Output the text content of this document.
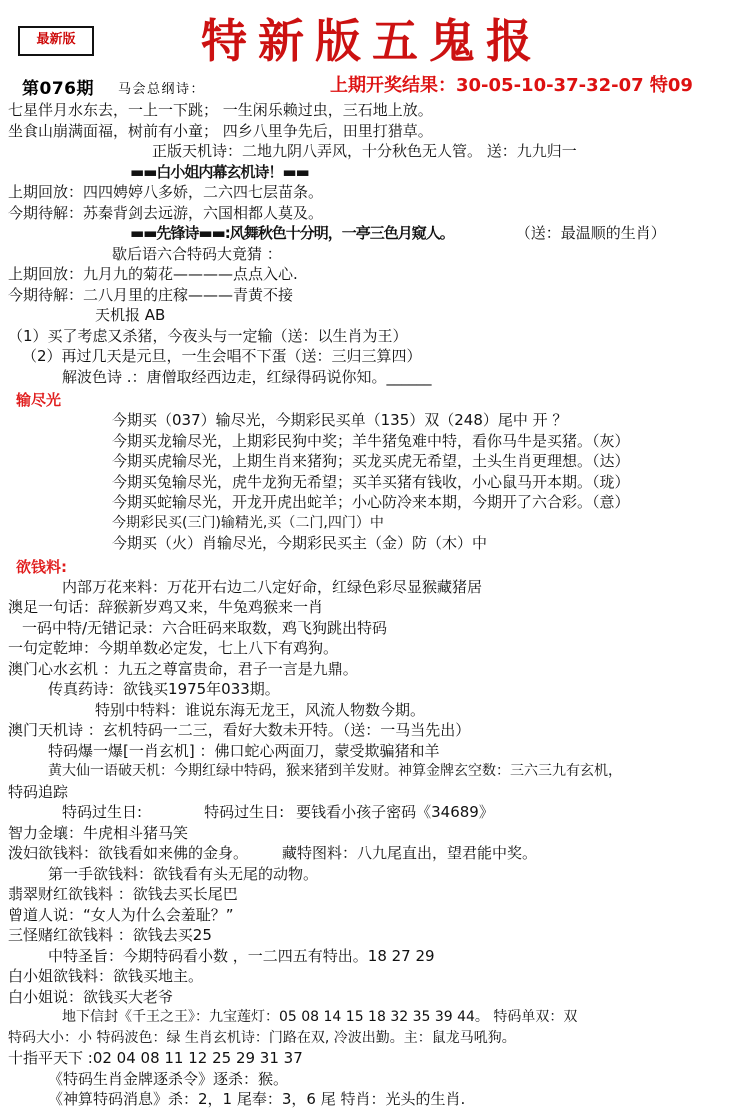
最新版	特新版五鬼报
第076期 马会总纲诗：	上期开奖结果：30-05-10-37-32-07 特09
七星伴月水东去，一上一下跳； 一生闲乐赖过虫，三石地上放。
坐食山崩满面福，树前有小童； 四乡八里争先后，田里打猎草。
正版天机诗：二地九阴八弄风，十分秋色无人管。 送：九九归一
▬▬白小姐内幕玄机诗！▬▬
上期回放：四四娉婷八多娇，二六四七层苗条。
今期待解：苏秦背剑去远游，六国相都人莫及。
▬▬先锋诗▬▬:风舞秋色十分明，一亭三色月窥人。	（送：最温顺的生肖）
歇后语六合特码大竟猜 ：
上期回放：九月九的菊花————点点入心.
今期待解：二八月里的庄稼———青黄不接
天机报 AB
（1）买了考虑又杀猪，今夜头与一定输（送：以生肖为王）
（2）再过几天是元旦，一生会唱不下蛋（送：三归三算四）
解波色诗 .：唐僧取经西边走，红绿得码说你知。______
输尽光
今期买（037）输尽光，今期彩民买单（135）双（248）尾中 开 ？
今期买龙输尽光，上期彩民狗中奖；羊牛猪兔难中特，看你马牛是买猪。（灰）
今期买虎输尽光，上期生肖来猪狗；买龙买虎无希望，土头生肖更理想。（达）
今期买兔输尽光，虎牛龙狗无希望；买羊买猪有钱收，小心鼠马开本期。（珑）
今期买蛇输尽光，开龙开虎出蛇羊；小心防冷来本期，今期开了六合彩。（意）
今期彩民买(三门)输精光,买（二门,四门）中
今期买（火）肖输尽光，今期彩民买主（金）防（木）中
欲钱料:
内部万花来料：万花开右边二八定好命，红绿色彩尽显猴藏猪居
澳足一句话：辞猴新岁鸡又来，牛兔鸡猴来一肖
一码中特/无错记录：六合旺码来取数，鸡飞狗跳出特码
一句定乾坤：今期单数必定发，七上八下有鸡狗。
澳门心水玄机 ：九五之尊富贵命，君子一言是九鼎。
传真药诗：欲钱买1975年033期。
特别中特料：谁说东海无龙王，风流人物数今期。
澳门天机诗 ：玄机特码一二三，看好大数未开特。（送：一马当先出）
特码爆一爆[一肖玄机] ：佛口蛇心两面刀，蒙受欺骗猪和羊
黄大仙一语破天机：今期红绿中特码，猴来猪到羊发财。神算金牌玄空数：三六三九有玄机，
特码追踪
特码过生日:	特码过生日: 要钱看小孩子密码《34689》
智力金壤：牛虎相斗猪马笑
泼妇欲钱料：欲钱看如来佛的金身。 藏特图料：八九尾直出，望君能中奖。
第一手欲钱料：欲钱看有头无尾的动物。
翡翠财红欲钱料 ：欲钱去买长尾巴
曾道人说：“女人为什么会羞耻？”
三怪赌红欲钱料 ：欲钱去买25
中特圣旨：今期特码看小数 ，一二四五有特出。18 27 29
白小姐欲钱料：欲钱买地主。
白小姐说：欲钱买大老爷
地下信封《千王之王》：九宝莲灯：05 08 14 15 18 32 35 39 44。 特码单双：双
特码大小：小 特码波色：绿 生肖玄机诗：门路在双, 冷波出勤。主：鼠龙马吼狗。
十指平天下 :02 04 08 11 12 25 29 31 37
《特码生肖金牌逐杀令》逐杀：猴。
《神算特码消息》杀：2，1 尾奉：3，6 尾 特肖：光头的生肖.
